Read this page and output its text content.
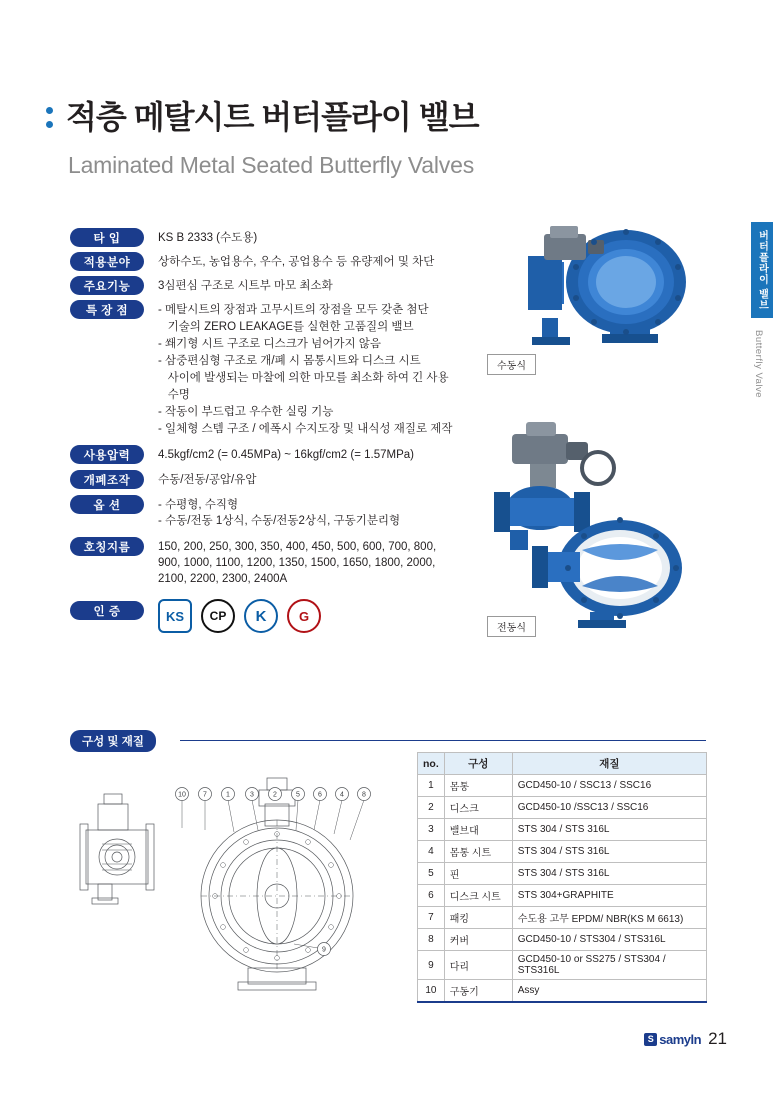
적층 메탈시트 버터플라이 밸브
Laminated Metal Seated Butterfly Valves
버터플라이 밸브
Butterfly Valve
타 입	KS B 2333 (수도용)
적용분야	상하수도, 농업용수, 우수, 공업용수 등 유량제어 및 차단
주요기능	3심편심 구조로 시트부 마모 최소화
특 장 점	- 메탈시트의 장점과 고무시트의 장점을 모두 갖춘 첨단
기술의 ZERO LEAKAGE를 실현한 고품질의 밸브
- 쐐기형 시트 구조로 디스크가 넘어가지 않음
- 삼중편심형 구조로 개/폐 시 몸통시트와 디스크 시트
사이에 발생되는 마찰에 의한 마모를 최소화 하여 긴 사용
수명
- 작동이 부드럽고 우수한 실링 기능
- 일체형 스템 구조 / 에폭시 수지도장 및 내식성 재질로 제작
사용압력	4.5kgf/cm2 (= 0.45MPa) ~ 16kgf/cm2 (= 1.57MPa)
개폐조작	수동/전동/공압/유압
옵 션	- 수평형, 수직형
- 수동/전동 1상식, 수동/전동2상식, 구동기분리형
호칭지름	150, 200, 250, 300, 350, 400, 450, 500, 600, 700, 800,
900, 1000, 1100, 1200, 1350, 1500, 1650, 1800, 2000,
2100, 2200, 2300, 2400A
인 증	KS CP K	G
수동식
전동식
구성 및 재질
10 7	1	3	2	5	6	4	8
9
no.	구성	재질
1	몸통	GCD450-10 / SSC13 / SSC16
2	디스크	GCD450-10 /SSC13 / SSC16
3	밸브대	STS 304 / STS 316L
4	몸통 시트	STS 304 / STS 316L
5	핀	STS 304 / STS 316L
6	디스크 시트	STS 304+GRAPHITE
7	패킹	수도용 고무 EPDM/ NBR(KS M 6613)
8	커버	GCD450-10 / STS304 / STS316L
9	다리	GCD450-10 or SS275 / STS304 / STS316L
10	구동기	Assy
S samyln 21
